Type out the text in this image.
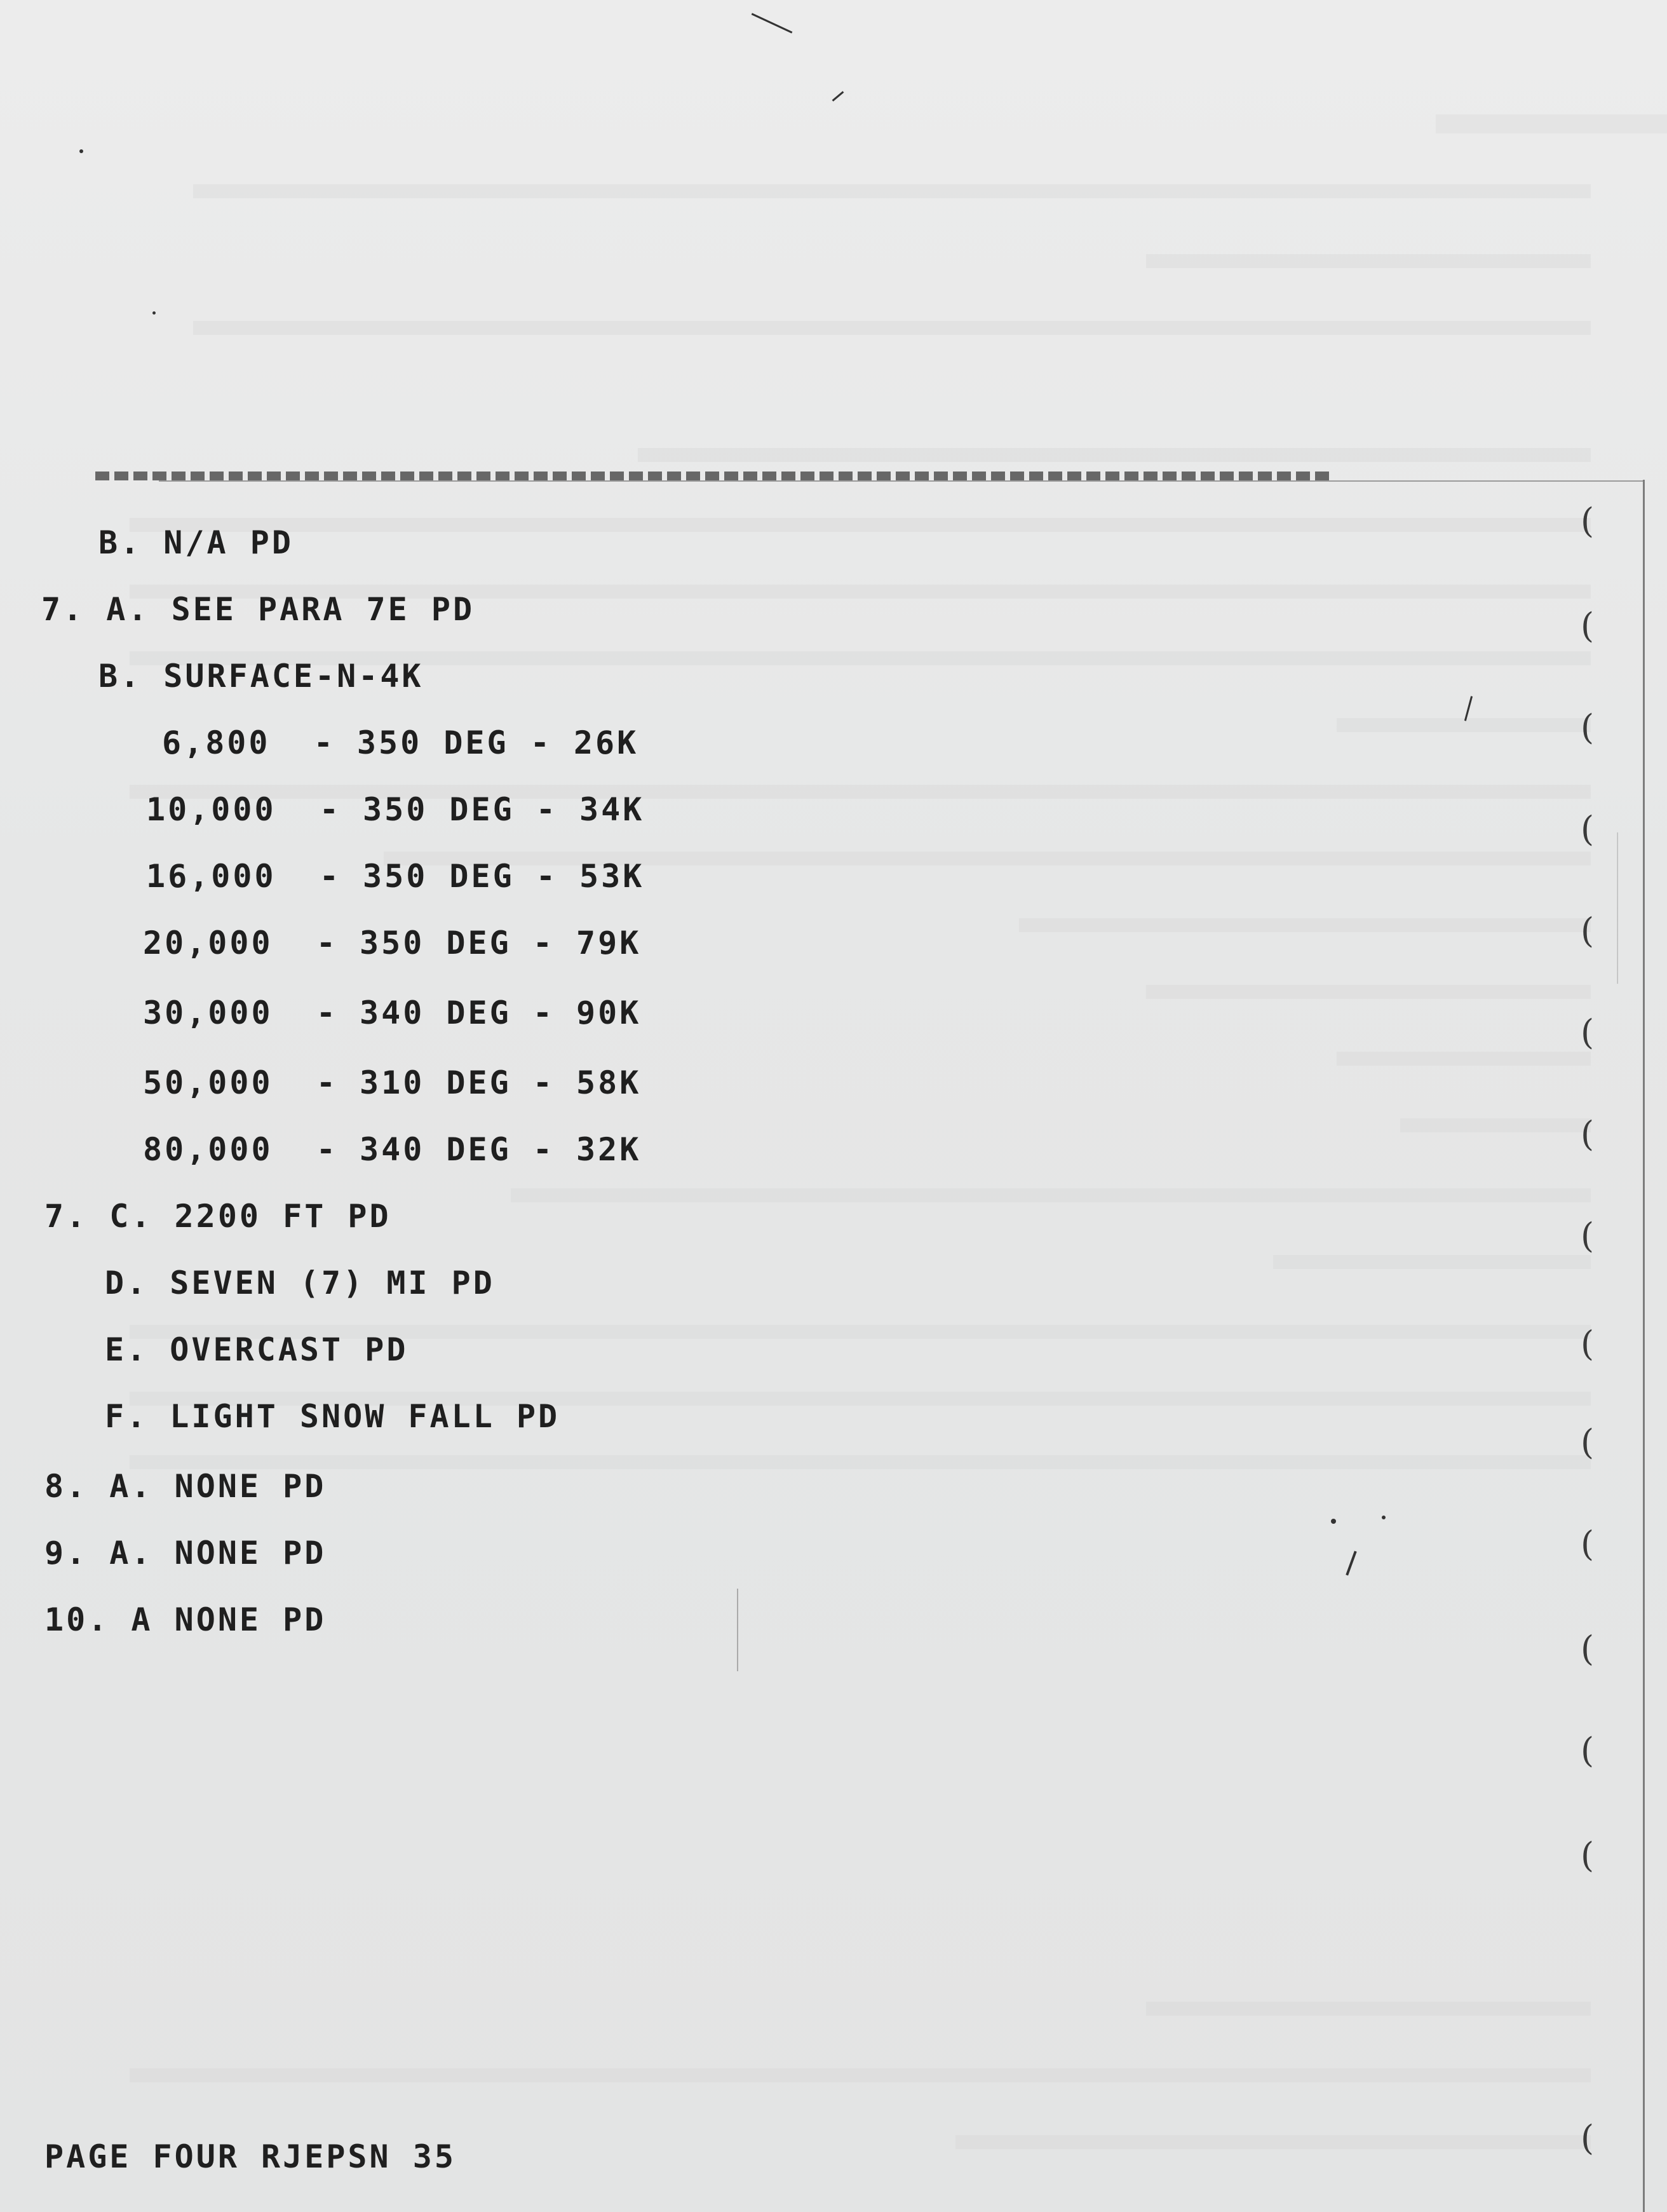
────────────────────────
(
(
(
(
(
(
(
(
(
(
(
(
(
(
(
B. N/A PD
7. A. SEE PARA 7E PD
B. SURFACE-N-4K
6,800  - 350 DEG - 26K
10,000  - 350 DEG - 34K
16,000  - 350 DEG - 53K
20,000  - 350 DEG - 79K
30,000  - 340 DEG - 90K
50,000  - 310 DEG - 58K
80,000  - 340 DEG - 32K
7. C. 2200 FT PD
D. SEVEN (7) MI PD
E. OVERCAST PD
F. LIGHT SNOW FALL PD
8. A. NONE PD
9. A. NONE PD
10. A NONE PD
PAGE FOUR RJEPSN 35
